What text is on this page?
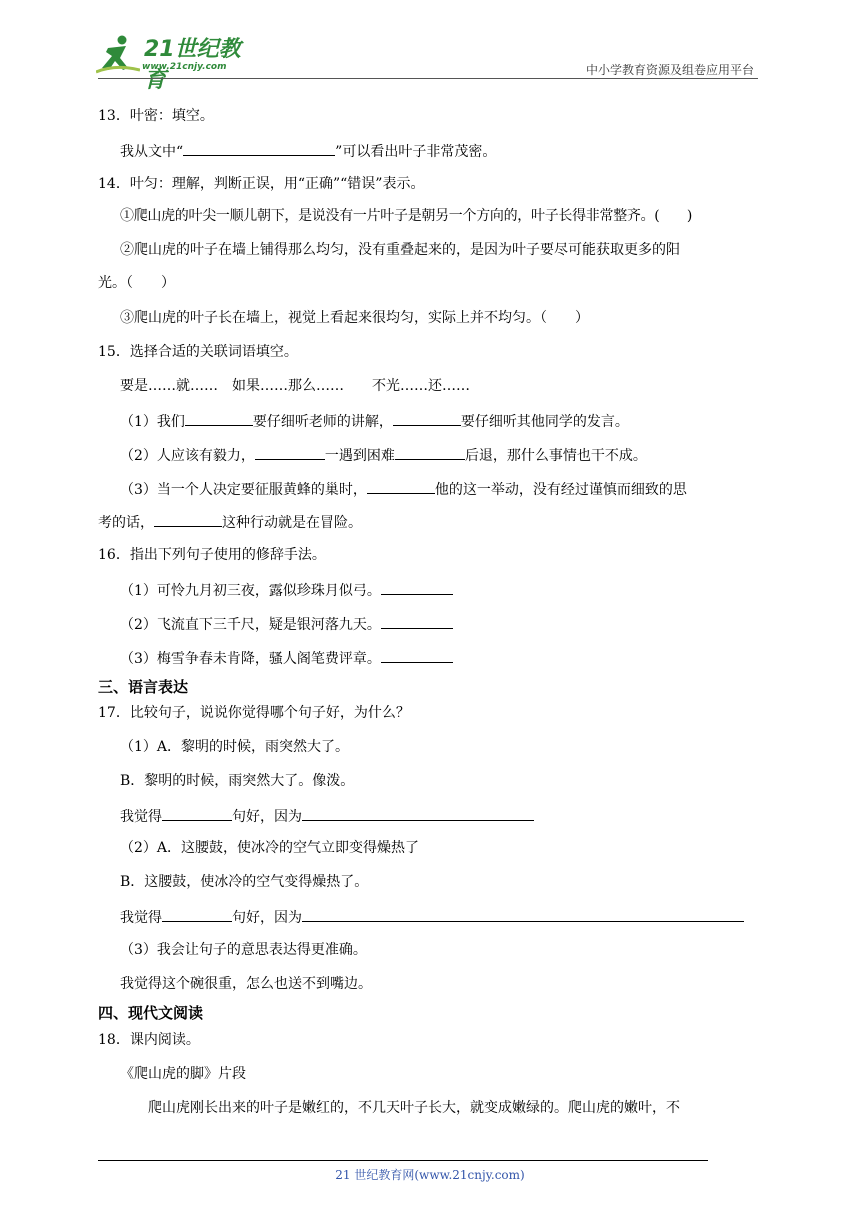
21世纪教育
www.21cnjy.com	中小学教育资源及组卷应用平台
13．叶密：填空。
我从文中“	”可以看出叶子非常茂密。
14．叶匀：理解，判断正误，用“正确”“错误”表示。
①爬山虎的叶尖一顺儿朝下，是说没有一片叶子是朝另一个方向的，叶子长得非常整齐。(　　)
②爬山虎的叶子在墙上铺得那么均匀，没有重叠起来的，是因为叶子要尽可能获取更多的阳
光。（　　）
③爬山虎的叶子长在墙上，视觉上看起来很均匀，实际上并不均匀。（　　）
15．选择合适的关联词语填空。
要是……就……　如果……那么……　　不光……还……
（1）我们	要仔细听老师的讲解，	要仔细听其他同学的发言。
（2）人应该有毅力，	一遇到困难	后退，那什么事情也干不成。
（3）当一个人决定要征服黄蜂的巢时，	他的这一举动，没有经过谨慎而细致的思
考的话，	这种行动就是在冒险。
16．指出下列句子使用的修辞手法。
（1）可怜九月初三夜，露似珍珠月似弓。
（2）飞流直下三千尺，疑是银河落九天。
（3）梅雪争春未肯降，骚人阁笔费评章。
三、语言表达
17．比较句子，说说你觉得哪个句子好，为什么？
（1）A．黎明的时候，雨突然大了。
B．黎明的时候，雨突然大了。像泼。
我觉得	句好，因为
（2）A．这腰鼓，使冰冷的空气立即变得燥热了
B．这腰鼓，使冰冷的空气变得燥热了。
我觉得	句好，因为
（3）我会让句子的意思表达得更准确。
我觉得这个碗很重，怎么也送不到嘴边。
四、现代文阅读
18．课内阅读。
《爬山虎的脚》片段
爬山虎刚长出来的叶子是嫩红的，不几天叶子长大，就变成嫩绿的。爬山虎的嫩叶，不
21 世纪教育网(www.21cnjy.com)
